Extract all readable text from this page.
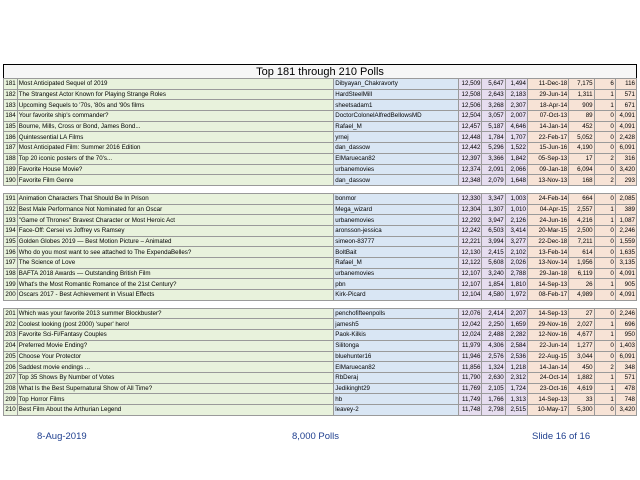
Top 181 through 210 Polls
181	Most Anticipated Sequel of 2019	Dibyayan_Chakravorty	12,509	5,647	1,494	11-Dec-18	7,175	6	116
182	The Strangest Actor Known for Playing Strange Roles	HardSteelMill	12,508	2,643	2,183	29-Jun-14	1,311	1	571
183	Upcoming Sequels to '70s, '80s and '90s films	sheetsadam1	12,506	3,268	2,307	18-Apr-14	909	1	671
184	Your favorite ship's commander?	DoctorColonelAlfredBellowsMD	12,504	3,057	2,007	07-Oct-13	89	0	4,091
185	Bourne, Mills, Cross or Bond, James Bond...	Rafael_M	12,457	5,187	4,646	14-Jan-14	452	0	4,091
186	Quintessential LA Films	yrnej	12,448	1,784	1,707	22-Feb-17	5,052	0	2,428
187	Most Anticipated Film: Summer 2016 Edition	dan_dassow	12,442	5,296	1,522	15-Jun-16	4,190	0	6,091
188	Top 20 iconic posters of the 70's...	ElMaruecan82	12,397	3,366	1,842	05-Sep-13	17	2	316
189	Favorite House Movie?	urbanemovies	12,374	2,091	2,066	09-Jan-18	6,094	0	3,420
190	Favorite Film Genre	dan_dassow	12,348	2,079	1,648	13-Nov-13	168	2	293

191	Animation Characters That Should Be In Prison	bonmor	12,330	3,347	1,003	24-Feb-14	664	0	2,085
192	Best Male Performance Not Nominated for an Oscar	Mega_wizard	12,304	1,307	1,010	04-Apr-15	2,557	1	389
193	"Game of Thrones" Bravest Character or Most Heroic Act	urbanemovies	12,292	3,947	2,126	24-Jun-16	4,216	1	1,087
194	Face-Off: Cersei vs Joffrey vs Ramsey	aronsson-jessica	12,242	6,503	3,414	20-Mar-15	2,500	0	2,246
195	Golden Globes 2019 — Best Motion Picture – Animated	simeon-83777	12,221	3,994	3,277	22-Dec-18	7,211	0	1,559
196	Who do you most want to see attached to The ExpendaBelles?	BoltBait	12,130	2,415	2,102	13-Feb-14	614	0	1,635
197	The Science of Love	Rafael_M	12,122	5,608	2,026	13-Nov-14	1,956	0	3,135
198	BAFTA 2018 Awards — Outstanding British Film	urbanemovies	12,107	3,240	2,788	29-Jan-18	6,119	0	4,091
199	What's the Most Romantic Romance of the 21st Century?	pbn	12,107	1,854	1,810	14-Sep-13	26	1	905
200	Oscars 2017 - Best Achievement in Visual Effects	Kirk-Picard	12,104	4,580	1,972	08-Feb-17	4,989	0	4,091

201	Which was your favorite 2013 summer Blockbuster?	penchofifteenpolls	12,076	2,414	2,207	14-Sep-13	27	0	2,246
202	Coolest looking (post 2000) 'super' hero!	jamesh5	12,042	2,250	1,659	29-Nov-16	2,027	1	696
203	Favorite Sci-Fi/Fantasy Couples	Paok-Kilkis	12,024	2,488	2,282	12-Nov-16	4,677	1	950
204	Preferred Movie Ending?	Silitonga	11,979	4,306	2,584	22-Jun-14	1,277	0	1,403
205	Choose Your Protector	bluehunter16	11,946	2,576	2,536	22-Aug-15	3,044	0	6,091
206	Saddest movie endings ...	ElMaruecan82	11,856	1,324	1,218	14-Jan-14	450	2	348
207	Top 35 Shows By Number of Votes	RbDeraj	11,790	2,630	2,312	24-Oct-14	1,882	1	571
208	What Is the Best Supernatural Show of All Time?	Jedikinght29	11,769	2,105	1,724	23-Oct-16	4,619	1	478
209	Top Horror Films	hb	11,749	1,766	1,313	14-Sep-13	33	1	748
210	Best Film About the Arthurian Legend	leavey-2	11,748	2,798	2,515	10-May-17	5,300	0	3,420
8-Aug-2019	8,000 Polls	Slide 16 of 16
